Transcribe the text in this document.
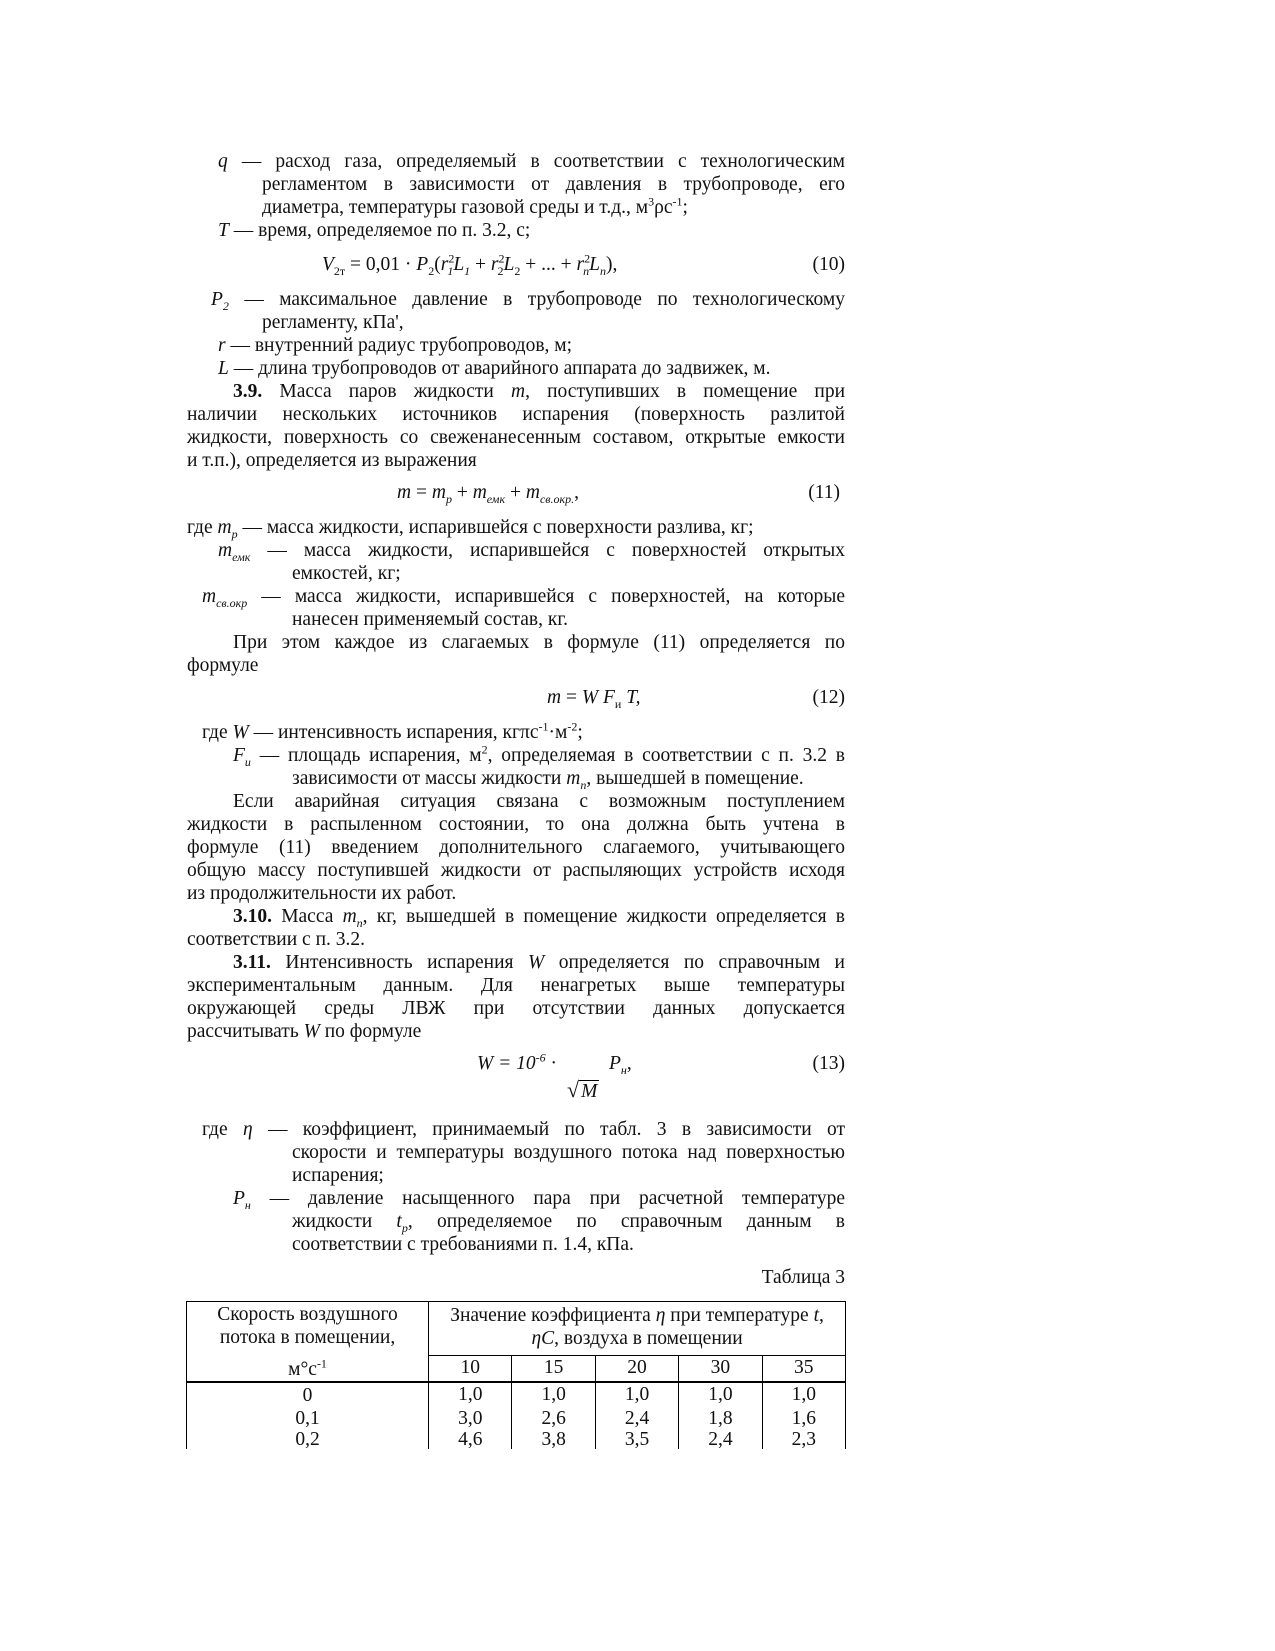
q — расход газа, определяемый в соответствии с технологическим
регламентом в зависимости от давления в трубопроводе, его
диаметра, температуры газовой среды и т.д., $м^3\rho с^{-1}$;
T — время, определяемое по п. 3.2, с;
$V_{2т} = 0,01 \cdot P_2(r^2_1L_1 + r^2_2L_2$ + ... + $r^2_nL_n$),	(10)
$P_2$ — максимальное давление в трубопроводе по технологическому
регламенту, кПа',
r — внутренний радиус трубопроводов, м;
L — длина трубопроводов от аварийного аппарата до задвижек, м.
3.9. Масса паров жидкости m, поступивших в помещение при
наличии нескольких источников испарения (поверхность разлитой
жидкости, поверхность со свеженанесенным составом, открытые емкости
и т.п.), определяется из выражения
$m = m_р + m_{емк} + m_{св.окр.}$,	(11)
где $m_р$ — масса жидкости, испарившейся с поверхности разлива, кг;
$m_{емк}$ — масса жидкости, испарившейся с поверхностей открытых
емкостей, кг;
$m_{св.окр}$ — масса жидкости, испарившейся с поверхностей, на которые
нанесен применяемый состав, кг.
При этом каждое из слагаемых в формуле (11) определяется по
формуле
m = W $F_и$ T,	(12)
где W — интенсивность испарения, $кг\pi с^{-1}\cdot м^{-2}$;
$F_и$ — площадь испарения, $м^2$, определяемая в соответствии с п. 3.2 в
зависимости от массы жидкости $m_п$, вышедшей в помещение.
Если аварийная ситуация связана с возможным поступлением
жидкости в распыленном состоянии, то она должна быть учтена в
формуле (11) введением дополнительного слагаемого, учитывающего
общую массу поступившей жидкости от распыляющих устройств исходя
из продолжительности их работ.
3.10. Масса $m_п$, кг, вышедшей в помещение жидкости определяется в
соответствии с п. 3.2.
3.11. Интенсивность испарения W определяется по справочным и
экспериментальным данным. Для ненагретых выше температуры
окружающей среды ЛВЖ при отсутствии данных допускается
рассчитывать W по формуле
$W = 10^{-6}$ ·	$P_н$,
√ M
(13)
где η — коэффициент, принимаемый по табл. 3 в зависимости от
скорости и температуры воздушного потока над поверхностью
испарения;
$P_н$ — давление насыщенного пара при расчетной температуре
жидкости $t_р$, определяемое по справочным данным в
соответствии с требованиями п. 1.4, кПа.
Таблица 3
Скорость воздушного
потока в помещении,
$м^\circ с^{-1}$	Значение коэффициента η при температуре t,
ηC, воздуха в помещении				

	10	15	20	30	35
0	1,0	1,0	1,0	1,0	1,0
0,1	3,0	2,6	2,4	1,8	1,6
0,2	4,6	3,8	3,5	2,4	2,3
